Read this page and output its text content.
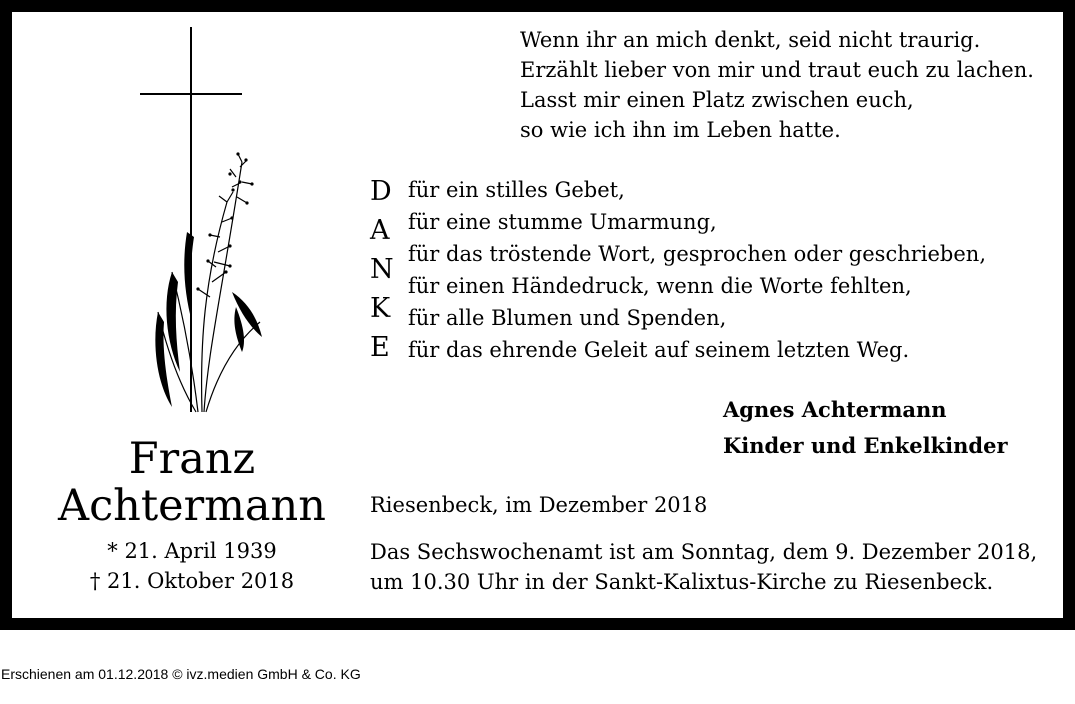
Franz
Achtermann
* 21. April 1939
† 21. Oktober 2018
Wenn ihr an mich denkt, seid nicht traurig.
Erzählt lieber von mir und traut euch zu lachen.
Lasst mir einen Platz zwischen euch,
so wie ich ihn im Leben hatte.
D
A
N
K
E
für ein stilles Gebet,
für eine stumme Umarmung,
für das tröstende Wort, gesprochen oder geschrieben,
für einen Händedruck, wenn die Worte fehlten,
für alle Blumen und Spenden,
für das ehrende Geleit auf seinem letzten Weg.
Agnes Achtermann
Kinder und Enkelkinder
Riesenbeck, im Dezember 2018
Das Sechswochenamt ist am Sonntag, dem 9. Dezember 2018,
um 10.30 Uhr in der Sankt-Kalixtus-Kirche zu Riesenbeck.
Erschienen am 01.12.2018 © ivz.medien GmbH & Co. KG
